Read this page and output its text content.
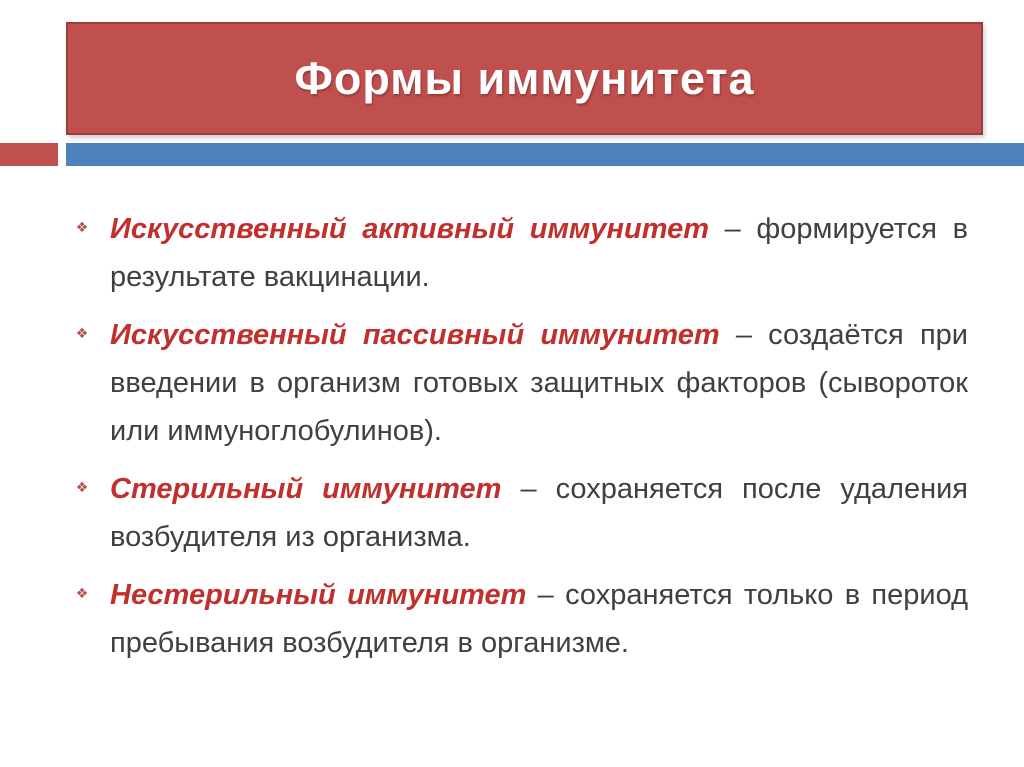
Формы иммунитета
❖ Искусственный активный иммунитет – формируется в результате вакцинации.
❖ Искусственный пассивный иммунитет – создаётся при введении в организм готовых защитных факторов (сывороток или иммуноглобулинов).
❖ Стерильный иммунитет – сохраняется после удаления возбудителя из организма.
❖ Нестерильный иммунитет – сохраняется только в период пребывания возбудителя в организме.
